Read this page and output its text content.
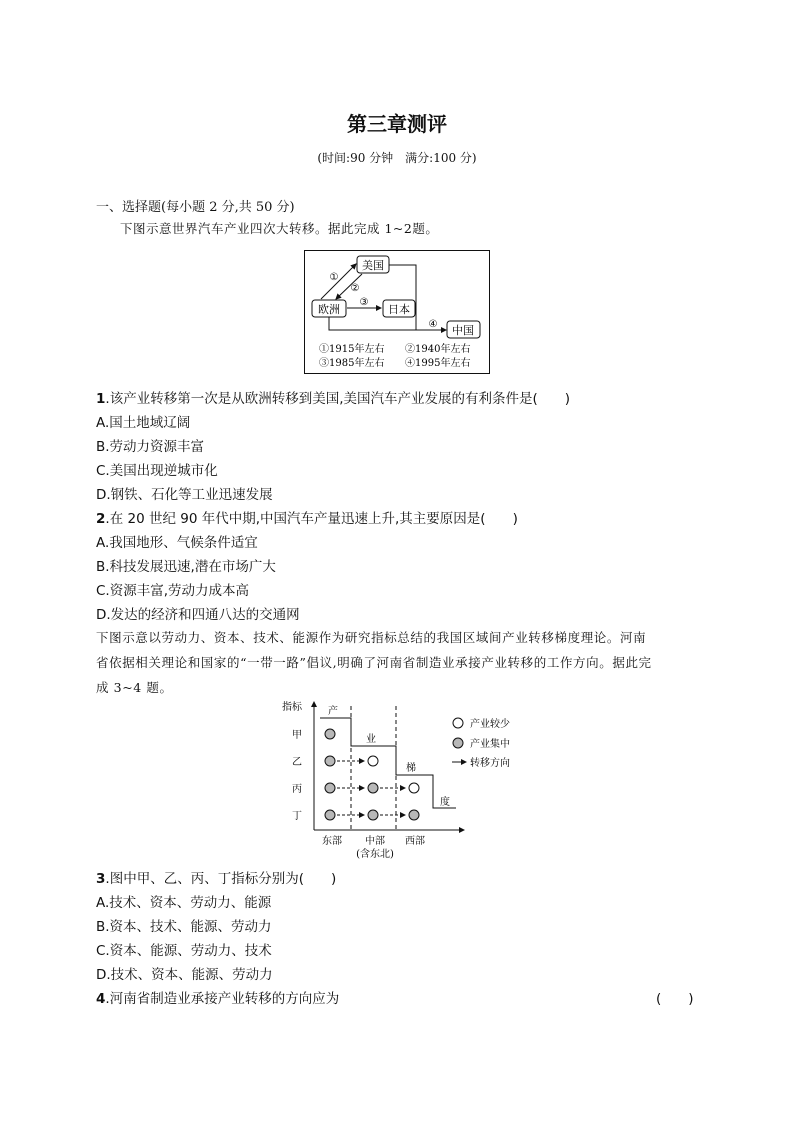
第三章测评
(时间:90 分钟　满分:100 分)
一、选择题(每小题 2 分,共 50 分)
下图示意世界汽车产业四次大转移。据此完成 1~2题。
美国
欧洲	日本
中国
①
②
③
④
①1915年左右 ②1940年左右
③1985年左右 ④1995年左右
1.该产业转移第一次是从欧洲转移到美国,美国汽车产业发展的有利条件是(　　)
A.国土地域辽阔
B.劳动力资源丰富
C.美国出现逆城市化
D.钢铁、石化等工业迅速发展
2.在 20 世纪 90 年代中期,中国汽车产量迅速上升,其主要原因是(　　)
A.我国地形、气候条件适宜
B.科技发展迅速,潜在市场广大
C.资源丰富,劳动力成本高
D.发达的经济和四通八达的交通网
下图示意以劳动力、资本、技术、能源作为研究指标总结的我国区域间产业转移梯度理论。河南
省依据相关理论和国家的“一带一路”倡议,明确了河南省制造业承接产业转移的工作方向。据此完
成 3~4 题。
指标
甲
乙
丙
丁
产
业
梯
度
东部 中部
(含东北)
西部
产业较少
产业集中
转移方向
3.图中甲、乙、丙、丁指标分别为(　　)
A.技术、资本、劳动力、能源
B.资本、技术、能源、劳动力
C.资本、能源、劳动力、技术
D.技术、资本、能源、劳动力
4.河南省制造业承接产业转移的方向应为	(　　)
